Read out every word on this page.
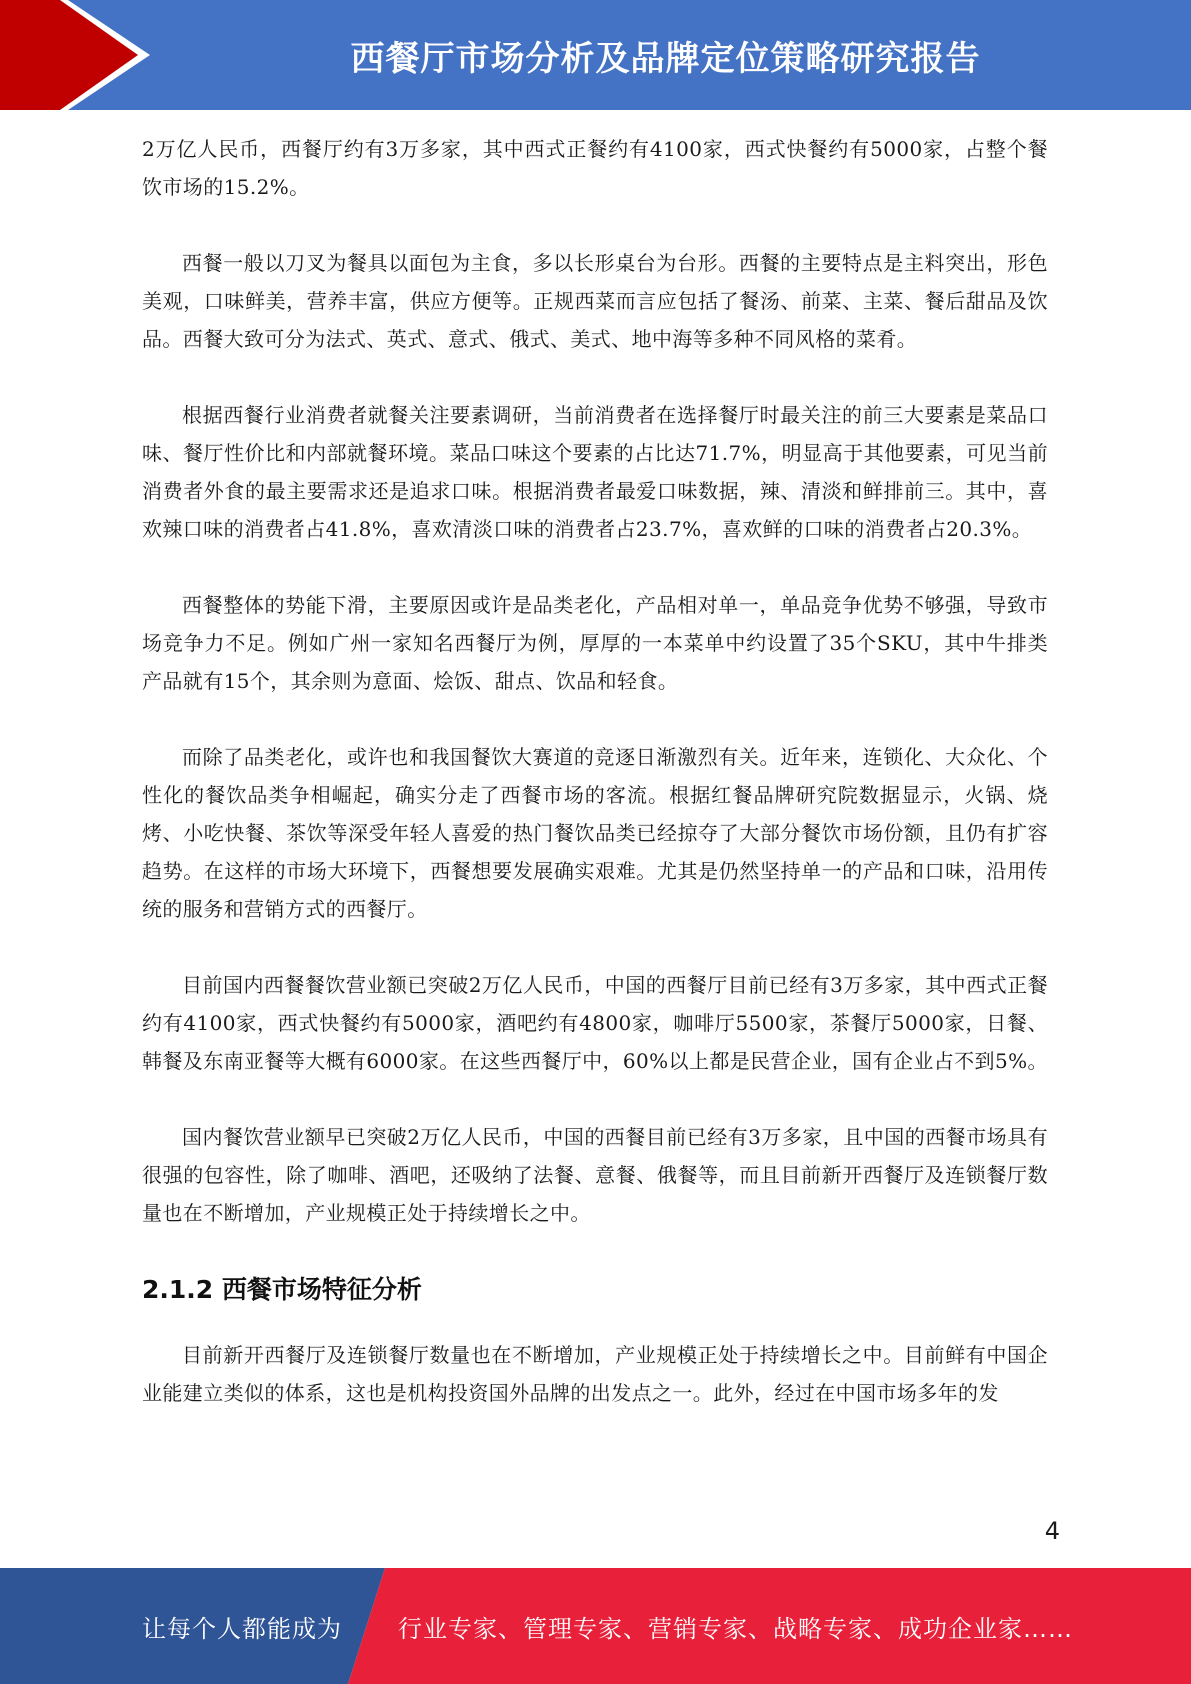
西餐厅市场分析及品牌定位策略研究报告

2万亿人民币，西餐厅约有3万多家，其中西式正餐约有4100家，西式快餐约有5000家，占整个餐饮市场的15.2%。

西餐一般以刀叉为餐具以面包为主食，多以长形桌台为台形。西餐的主要特点是主料突出，形色美观，口味鲜美，营养丰富，供应方便等。正规西菜而言应包括了餐汤、前菜、主菜、餐后甜品及饮品。西餐大致可分为法式、英式、意式、俄式、美式、地中海等多种不同风格的菜肴。

根据西餐行业消费者就餐关注要素调研，当前消费者在选择餐厅时最关注的前三大要素是菜品口味、餐厅性价比和内部就餐环境。菜品口味这个要素的占比达71.7%，明显高于其他要素，可见当前消费者外食的最主要需求还是追求口味。根据消费者最爱口味数据，辣、清淡和鲜排前三。其中，喜欢辣口味的消费者占41.8%，喜欢清淡口味的消费者占23.7%，喜欢鲜的口味的消费者占20.3%。

西餐整体的势能下滑，主要原因或许是品类老化，产品相对单一，单品竞争优势不够强，导致市场竞争力不足。例如广州一家知名西餐厅为例，厚厚的一本菜单中约设置了35个SKU，其中牛排类产品就有15个，其余则为意面、烩饭、甜点、饮品和轻食。

而除了品类老化，或许也和我国餐饮大赛道的竞逐日渐激烈有关。近年来，连锁化、大众化、个性化的餐饮品类争相崛起，确实分走了西餐市场的客流。根据红餐品牌研究院数据显示，火锅、烧烤、小吃快餐、茶饮等深受年轻人喜爱的热门餐饮品类已经掠夺了大部分餐饮市场份额，且仍有扩容趋势。在这样的市场大环境下，西餐想要发展确实艰难。尤其是仍然坚持单一的产品和口味，沿用传统的服务和营销方式的西餐厅。

目前国内西餐餐饮营业额已突破2万亿人民币，中国的西餐厅目前已经有3万多家，其中西式正餐约有4100家，西式快餐约有5000家，酒吧约有4800家，咖啡厅5500家，茶餐厅5000家，日餐、韩餐及东南亚餐等大概有6000家。在这些西餐厅中，60%以上都是民营企业，国有企业占不到5%。

国内餐饮营业额早已突破2万亿人民币，中国的西餐目前已经有3万多家，且中国的西餐市场具有很强的包容性，除了咖啡、酒吧，还吸纳了法餐、意餐、俄餐等，而且目前新开西餐厅及连锁餐厅数量也在不断增加，产业规模正处于持续增长之中。

2.1.2 西餐市场特征分析

目前新开西餐厅及连锁餐厅数量也在不断增加，产业规模正处于持续增长之中。目前鲜有中国企业能建立类似的体系，这也是机构投资国外品牌的出发点之一。此外，经过在中国市场多年的发

4
让每个人都能成为 行业专家、管理专家、营销专家、战略专家、成功企业家……
